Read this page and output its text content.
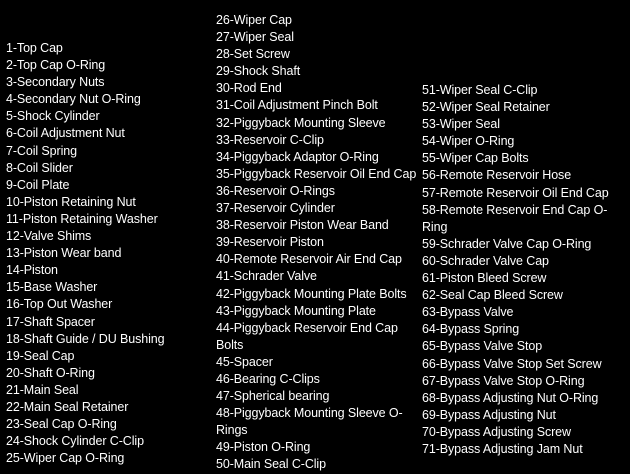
1-Top Cap
2-Top Cap O-Ring
3-Secondary Nuts
4-Secondary Nut O-Ring
5-Shock Cylinder
6-Coil Adjustment Nut
7-Coil Spring
8-Coil Slider
9-Coil Plate
10-Piston Retaining Nut
11-Piston Retaining Washer
12-Valve Shims
13-Piston Wear band
14-Piston
15-Base Washer
16-Top Out Washer
17-Shaft Spacer
18-Shaft Guide / DU Bushing
19-Seal Cap
20-Shaft O-Ring
21-Main Seal
22-Main Seal Retainer
23-Seal Cap O-Ring
24-Shock Cylinder C-Clip
25-Wiper Cap O-Ring
26-Wiper Cap
27-Wiper Seal
28-Set Screw
29-Shock Shaft
30-Rod End
31-Coil Adjustment Pinch Bolt
32-Piggyback Mounting Sleeve
33-Reservoir C-Clip
34-Piggyback Adaptor O-Ring
35-Piggyback Reservoir Oil End Cap
36-Reservoir O-Rings
37-Reservoir Cylinder
38-Reservoir Piston Wear Band
39-Reservoir Piston
40-Remote Reservoir Air End Cap
41-Schrader Valve
42-Piggyback Mounting Plate Bolts
43-Piggyback Mounting Plate
44-Piggyback Reservoir End Cap Bolts
45-Spacer
46-Bearing C-Clips
47-Spherical bearing
48-Piggyback Mounting Sleeve O-Rings
49-Piston O-Ring
50-Main Seal C-Clip
51-Wiper Seal C-Clip
52-Wiper Seal Retainer
53-Wiper Seal
54-Wiper O-Ring
55-Wiper Cap Bolts
56-Remote Reservoir Hose
57-Remote Reservoir Oil End Cap
58-Remote Reservoir End Cap O-Ring
59-Schrader Valve Cap O-Ring
60-Schrader Valve Cap
61-Piston Bleed Screw
62-Seal Cap Bleed Screw
63-Bypass Valve
64-Bypass Spring
65-Bypass Valve Stop
66-Bypass Valve Stop Set Screw
67-Bypass Valve Stop O-Ring
68-Bypass Adjusting Nut O-Ring
69-Bypass Adjusting Nut
70-Bypass Adjusting Screw
71-Bypass Adjusting Jam Nut
